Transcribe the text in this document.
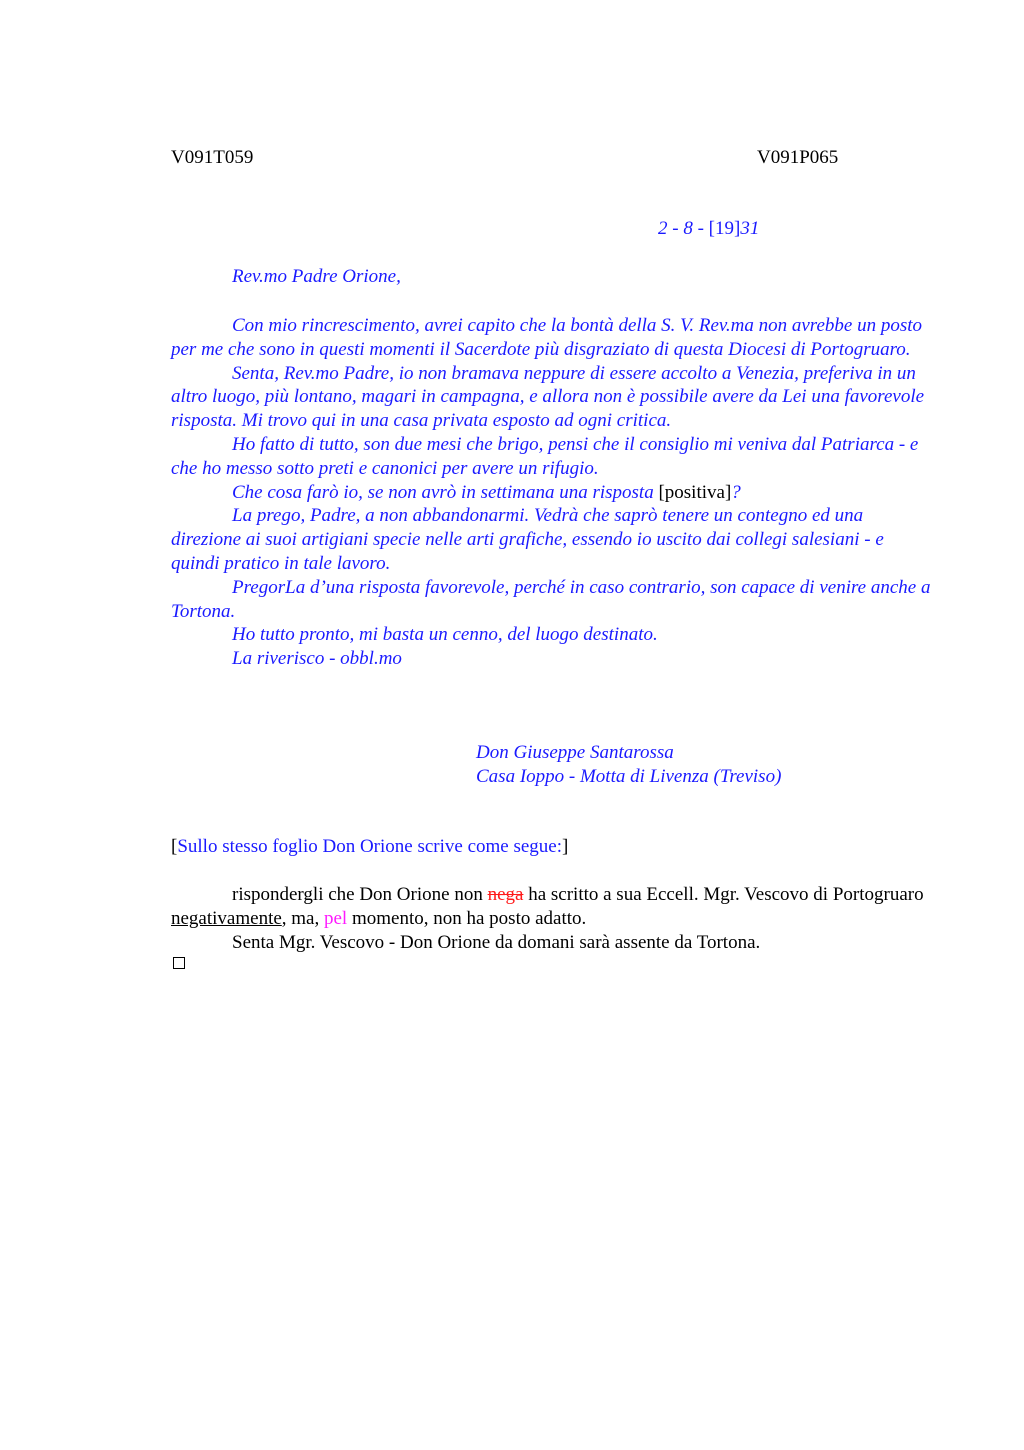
V091T059	V091P065
2 - 8 - [19]31
Rev.mo Padre Orione,

Con mio rincrescimento, avrei capito che la bontà della S. V. Rev.ma non avrebbe un posto per me che sono in questi momenti il Sacerdote più disgraziato di questa Diocesi di Portogruaro.

Senta, Rev.mo Padre, io non bramava neppure di essere accolto a Venezia, preferiva in un altro luogo, più lontano, magari in campagna, e allora non è possibile avere da Lei una favorevole risposta. Mi trovo qui in una casa privata esposto ad ogni critica.

Ho fatto di tutto, son due mesi che brigo, pensi che il consiglio mi veniva dal Patriarca - e che ho messo sotto preti e canonici per avere un rifugio.

Che cosa farò io, se non avrò in settimana una risposta [positiva]?

La prego, Padre, a non abbandonarmi. Vedrà che saprò tenere un contegno ed una direzione ai suoi artigiani specie nelle arti grafiche, essendo io uscito dai collegi salesiani - e quindi pratico in tale lavoro.

PregorLa d’una risposta favorevole, perché in caso contrario, son capace di venire anche a Tortona.

Ho tutto pronto, mi basta un cenno, del luogo destinato.

La riverisco - obbl.mo

Don Giuseppe Santarossa
Casa Ioppo - Motta di Livenza (Treviso)
[Sullo stesso foglio Don Orione scrive come segue:]

rispondergli che Don Orione non nega ha scritto a sua Eccell. Mgr. Vescovo di Portogruaro negativamente, ma, pel momento, non ha posto adatto.

Senta Mgr. Vescovo - Don Orione da domani sarà assente da Tortona.
